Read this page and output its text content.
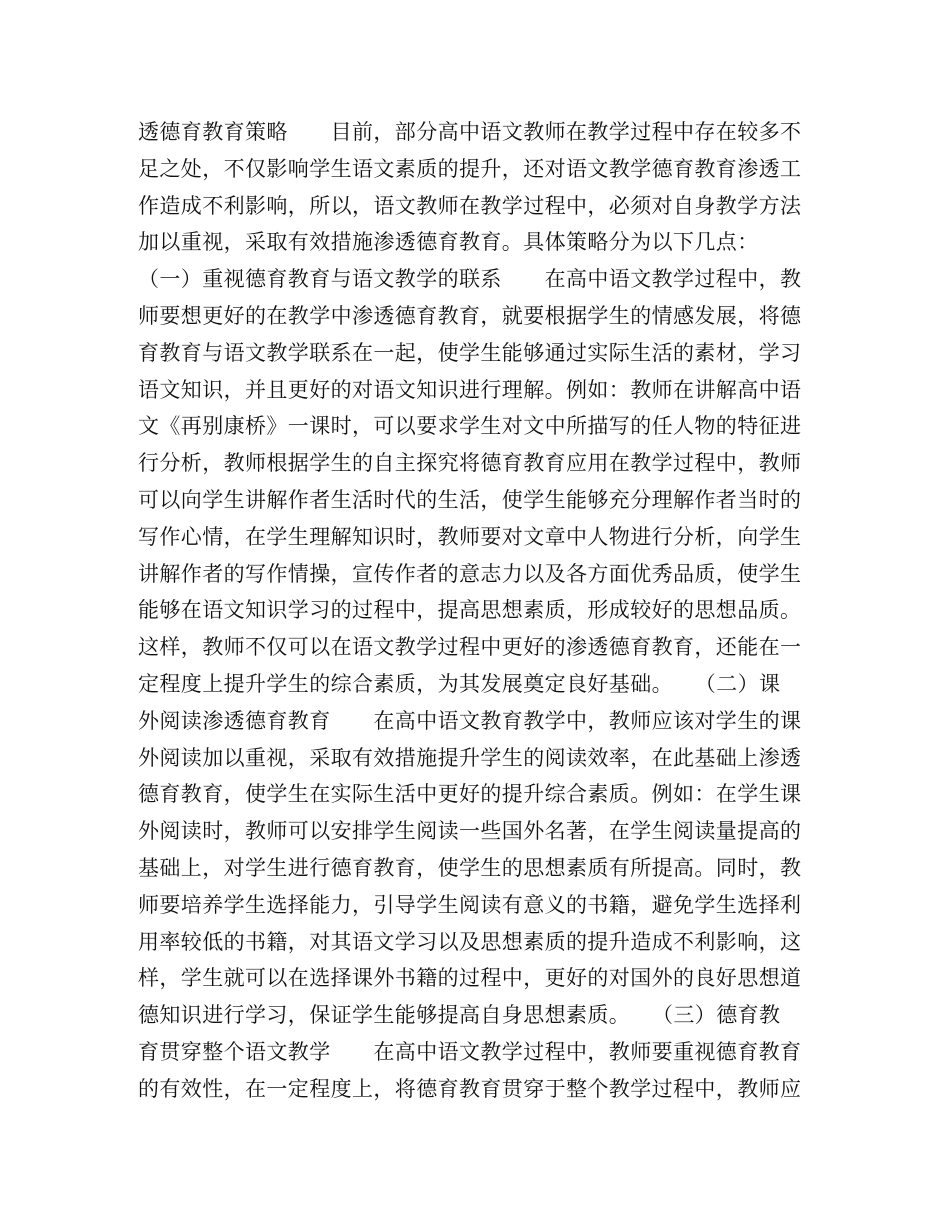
透德育教育策略　　目前，部分高中语文教师在教学过程中存在较多不
足之处，不仅影响学生语文素质的提升，还对语文教学德育教育渗透工
作造成不利影响，所以，语文教师在教学过程中，必须对自身教学方法
加以重视，采取有效措施渗透德育教育。具体策略分为以下几点：
（一）重视德育教育与语文教学的联系　　在高中语文教学过程中，教
师要想更好的在教学中渗透德育教育，就要根据学生的情感发展，将德
育教育与语文教学联系在一起，使学生能够通过实际生活的素材，学习
语文知识，并且更好的对语文知识进行理解。例如：教师在讲解高中语
文《再别康桥》一课时，可以要求学生对文中所描写的任人物的特征进
行分析，教师根据学生的自主探究将德育教育应用在教学过程中，教师
可以向学生讲解作者生活时代的生活，使学生能够充分理解作者当时的
写作心情，在学生理解知识时，教师要对文章中人物进行分析，向学生
讲解作者的写作情操，宣传作者的意志力以及各方面优秀品质，使学生
能够在语文知识学习的过程中，提高思想素质，形成较好的思想品质。
这样，教师不仅可以在语文教学过程中更好的渗透德育教育，还能在一
定程度上提升学生的综合素质，为其发展奠定良好基础。　　（二）课
外阅读渗透德育教育　　在高中语文教育教学中，教师应该对学生的课
外阅读加以重视，采取有效措施提升学生的阅读效率，在此基础上渗透
德育教育，使学生在实际生活中更好的提升综合素质。例如：在学生课
外阅读时，教师可以安排学生阅读一些国外名著，在学生阅读量提高的
基础上，对学生进行德育教育，使学生的思想素质有所提高。同时，教
师要培养学生选择能力，引导学生阅读有意义的书籍，避免学生选择利
用率较低的书籍，对其语文学习以及思想素质的提升造成不利影响，这
样，学生就可以在选择课外书籍的过程中，更好的对国外的良好思想道
德知识进行学习，保证学生能够提高自身思想素质。　　（三）德育教
育贯穿整个语文教学　　在高中语文教学过程中，教师要重视德育教育
的有效性，在一定程度上，将德育教育贯穿于整个教学过程中，教师应
